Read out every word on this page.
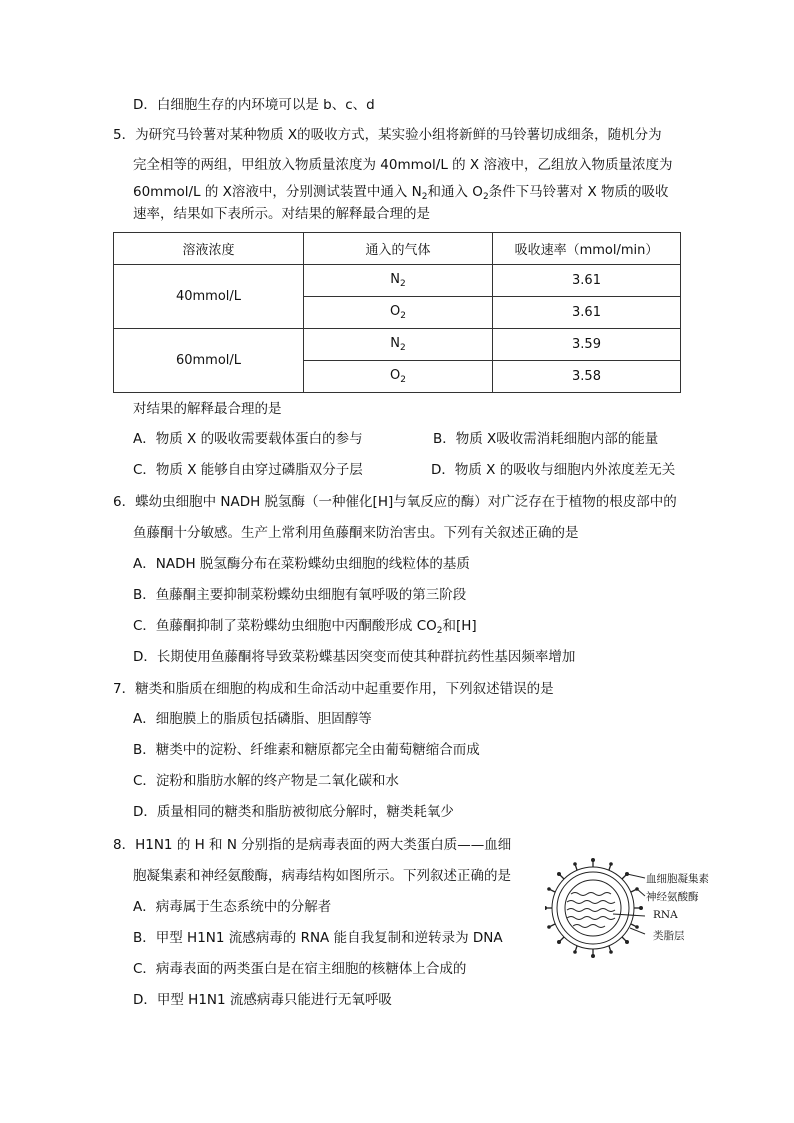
D．白细胞生存的内环境可以是 b、c、d
5．为研究马铃薯对某种物质 X的吸收方式，某实验小组将新鲜的马铃薯切成细条，随机分为
完全相等的两组，甲组放入物质量浓度为 40mmol/L 的 X 溶液中，乙组放入物质量浓度为
60mmol/L 的 X溶液中，分别测试装置中通入 $N_2$和通入 $O_2$条件下马铃薯对 X 物质的吸收
速率，结果如下表所示。对结果的解释最合理的是
溶液浓度	通入的气体	吸收速率（mmol/min）
40mmol/L	$N_2$	3.61
	$O_2$	3.61
60mmol/L	$N_2$	3.59
	$O_2$	3.58
对结果的解释最合理的是
A．物质 X 的吸收需要载体蛋白的参与	B．物质 X吸收需消耗细胞内部的能量
C．物质 X 能够自由穿过磷脂双分子层	D．物质 X 的吸收与细胞内外浓度差无关
6．蝶幼虫细胞中 NADH 脱氢酶（一种催化[H]与氧反应的酶）对广泛存在于植物的根皮部中的
鱼藤酮十分敏感。生产上常利用鱼藤酮来防治害虫。下列有关叙述正确的是
A．NADH 脱氢酶分布在菜粉蝶幼虫细胞的线粒体的基质
B．鱼藤酮主要抑制菜粉蝶幼虫细胞有氧呼吸的第三阶段
C．鱼藤酮抑制了菜粉蝶幼虫细胞中丙酮酸形成 $CO_2$和[H]
D．长期使用鱼藤酮将导致菜粉蝶基因突变而使其种群抗药性基因频率增加
7．糖类和脂质在细胞的构成和生命活动中起重要作用，下列叙述错误的是
A．细胞膜上的脂质包括磷脂、胆固醇等
B．糖类中的淀粉、纤维素和糖原都完全由葡萄糖缩合而成
C．淀粉和脂肪水解的终产物是二氧化碳和水
D．质量相同的糖类和脂肪被彻底分解时，糖类耗氧少
8．H1N1 的 H 和 N 分别指的是病毒表面的两大类蛋白质——血细
胞凝集素和神经氨酸酶，病毒结构如图所示。下列叙述正确的是
A．病毒属于生态系统中的分解者
B．甲型 H1N1 流感病毒的 RNA 能自我复制和逆转录为 DNA
C．病毒表面的两类蛋白是在宿主细胞的核糖体上合成的
D．甲型 H1N1 流感病毒只能进行无氧呼吸
血细胞凝集素
神经氨酸酶
RNA
类脂层
